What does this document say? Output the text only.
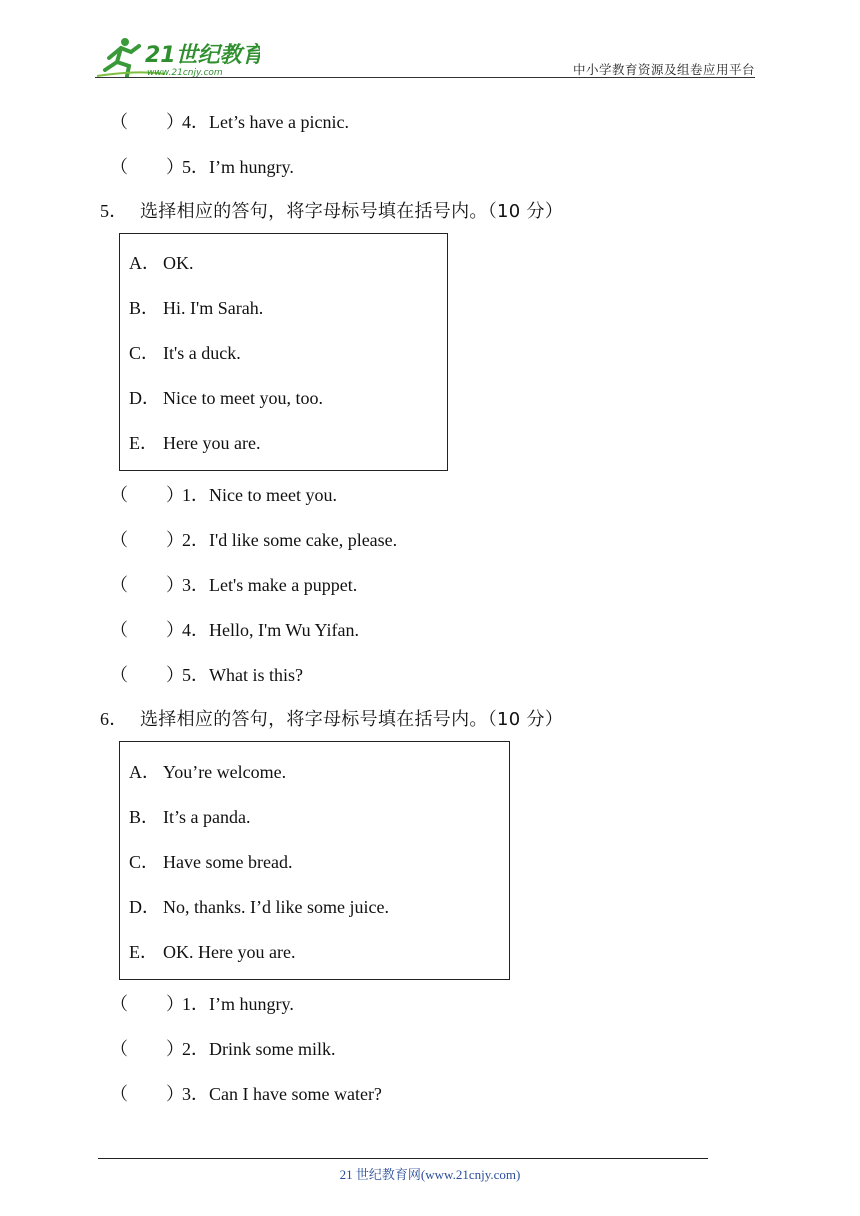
21世纪教育
www.21cnjy.com	中小学教育资源及组卷应用平台
（ ）4．Let’s have a picnic.
（ ）5．I’m hungry.
5． 选择相应的答句，将字母标号填在括号内。（10 分）
A． OK.
B． Hi. I'm Sarah.
C． It's a duck.
D． Nice to meet you, too.
E． Here you are.
（ ）1．Nice to meet you.
（ ）2．I'd like some cake, please.
（ ）3．Let's make a puppet.
（ ）4．Hello, I'm Wu Yifan.
（ ）5．What is this?
6． 选择相应的答句，将字母标号填在括号内。（10 分）
A． You’re welcome.
B． It’s a panda.
C． Have some bread.
D． No, thanks. I’d like some juice.
E． OK. Here you are.
（ ）1．I’m hungry.
（ ）2．Drink some milk.
（ ）3．Can I have some water?
21 世纪教育网(www.21cnjy.com)
